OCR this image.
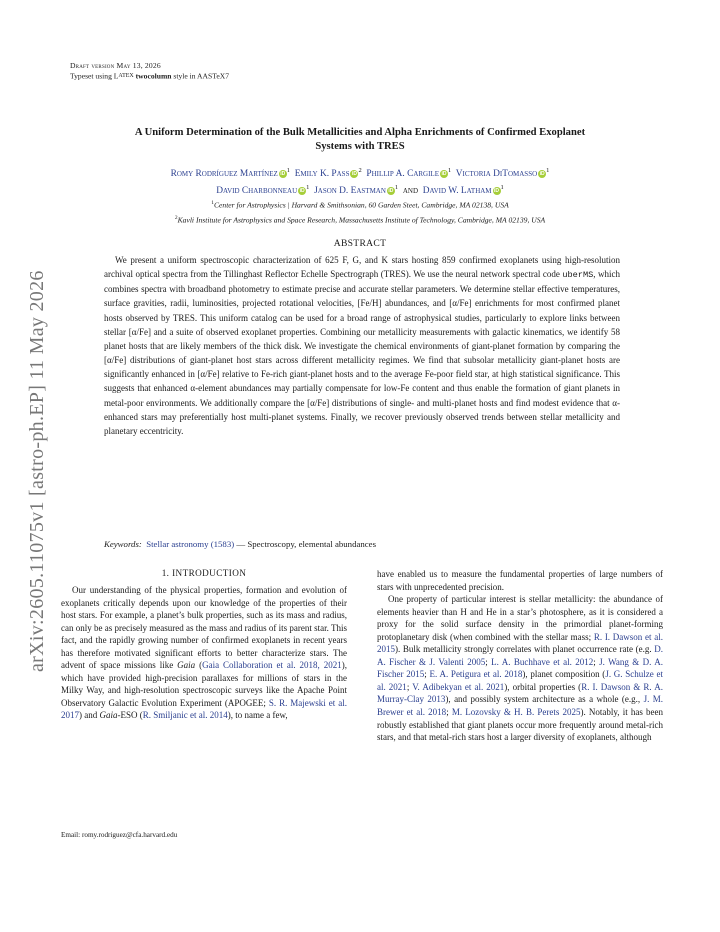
arXiv:2605.11075v1 [astro-ph.EP] 11 May 2026
Draft version May 13, 2026
Typeset using LATEX twocolumn style in AASTeX7
A Uniform Determination of the Bulk Metallicities and Alpha Enrichments of Confirmed Exoplanet
Systems with TRES
Romy Rodríguez Martínez $iD^1$ Emily K. Pass $iD^2$ Phillip A. Cargile $iD^1$ Victoria DiTomasso $iD^1$
David Charbonneau $iD^1$ Jason D. Eastman $iD^1$ and David W. Latham $iD^1$
$^1$Center for Astrophysics | Harvard & Smithsonian, 60 Garden Steet, Cambridge, MA 02138, USA
$^2$Kavli Institute for Astrophysics and Space Research, Massachusetts Institute of Technology, Cambridge, MA 02139, USA
ABSTRACT
We present a uniform spectroscopic characterization of 625 F, G, and K stars hosting 859 confirmed exoplanets using high-resolution archival optical spectra from the Tillinghast Reflector Echelle Spectrograph (TRES). We use the neural network spectral code uberMS, which combines spectra with broadband photometry to estimate precise and accurate stellar parameters. We determine stellar effective temperatures, surface gravities, radii, luminosities, projected rotational velocities, [Fe/H] abundances, and [α/Fe] enrichments for most confirmed planet hosts observed by TRES. This uniform catalog can be used for a broad range of astrophysical studies, particularly to explore links between stellar [α/Fe] and a suite of observed exoplanet properties. Combining our metallicity measurements with galactic kinematics, we identify 58 planet hosts that are likely members of the thick disk. We investigate the chemical environments of giant-planet formation by comparing the [α/Fe] distributions of giant-planet host stars across different metallicity regimes. We find that subsolar metallicity giant-planet hosts are significantly enhanced in [α/Fe] relative to Fe-rich giant-planet hosts and to the average Fe-poor field star, at high statistical significance. This suggests that enhanced α-element abundances may partially compensate for low-Fe content and thus enable the formation of giant planets in metal-poor environments. We additionally compare the [α/Fe] distributions of single- and multi-planet hosts and find modest evidence that α-enhanced stars may preferentially host multi-planet systems. Finally, we recover previously observed trends between stellar metallicity and planetary eccentricity.
Keywords: Stellar astronomy (1583) — Spectroscopy, elemental abundances
1. INTRODUCTION

Our understanding of the physical properties, formation and evolution of exoplanets critically depends upon our knowledge of the properties of their host stars. For example, a planet’s bulk properties, such as its mass and radius, can only be as precisely measured as the mass and radius of its parent star. This fact, and the rapidly growing number of confirmed exoplanets in recent years has therefore motivated significant efforts to better characterize stars. The advent of space missions like Gaia (Gaia Collaboration et al. 2018, 2021), which have provided high-precision parallaxes for millions of stars in the Milky Way, and high-resolution spectroscopic surveys like the Apache Point Observatory Galactic Evolution Experiment (APOGEE; S. R. Majewski et al. 2017) and Gaia-ESO (R. Smiljanic et al. 2014), to name a few,

have enabled us to measure the fundamental properties of large numbers of stars with unprecedented precision.

One property of particular interest is stellar metallicity: the abundance of elements heavier than H and He in a star’s photosphere, as it is considered a proxy for the solid surface density in the primordial planet-forming protoplanetary disk (when combined with the stellar mass; R. I. Dawson et al. 2015). Bulk metallicity strongly correlates with planet occurrence rate (e.g. D. A. Fischer & J. Valenti 2005; L. A. Buchhave et al. 2012; J. Wang & D. A. Fischer 2015; E. A. Petigura et al. 2018), planet composition (J. G. Schulze et al. 2021; V. Adibekyan et al. 2021), orbital properties (R. I. Dawson & R. A. Murray-Clay 2013), and possibly system architecture as a whole (e.g., J. M. Brewer et al. 2018; M. Lozovsky & H. B. Perets 2025). Notably, it has been robustly established that giant planets occur more frequently around metal-rich stars, and that metal-rich stars host a larger diversity of exoplanets, although

Email: romy.rodriguez@cfa.harvard.edu
